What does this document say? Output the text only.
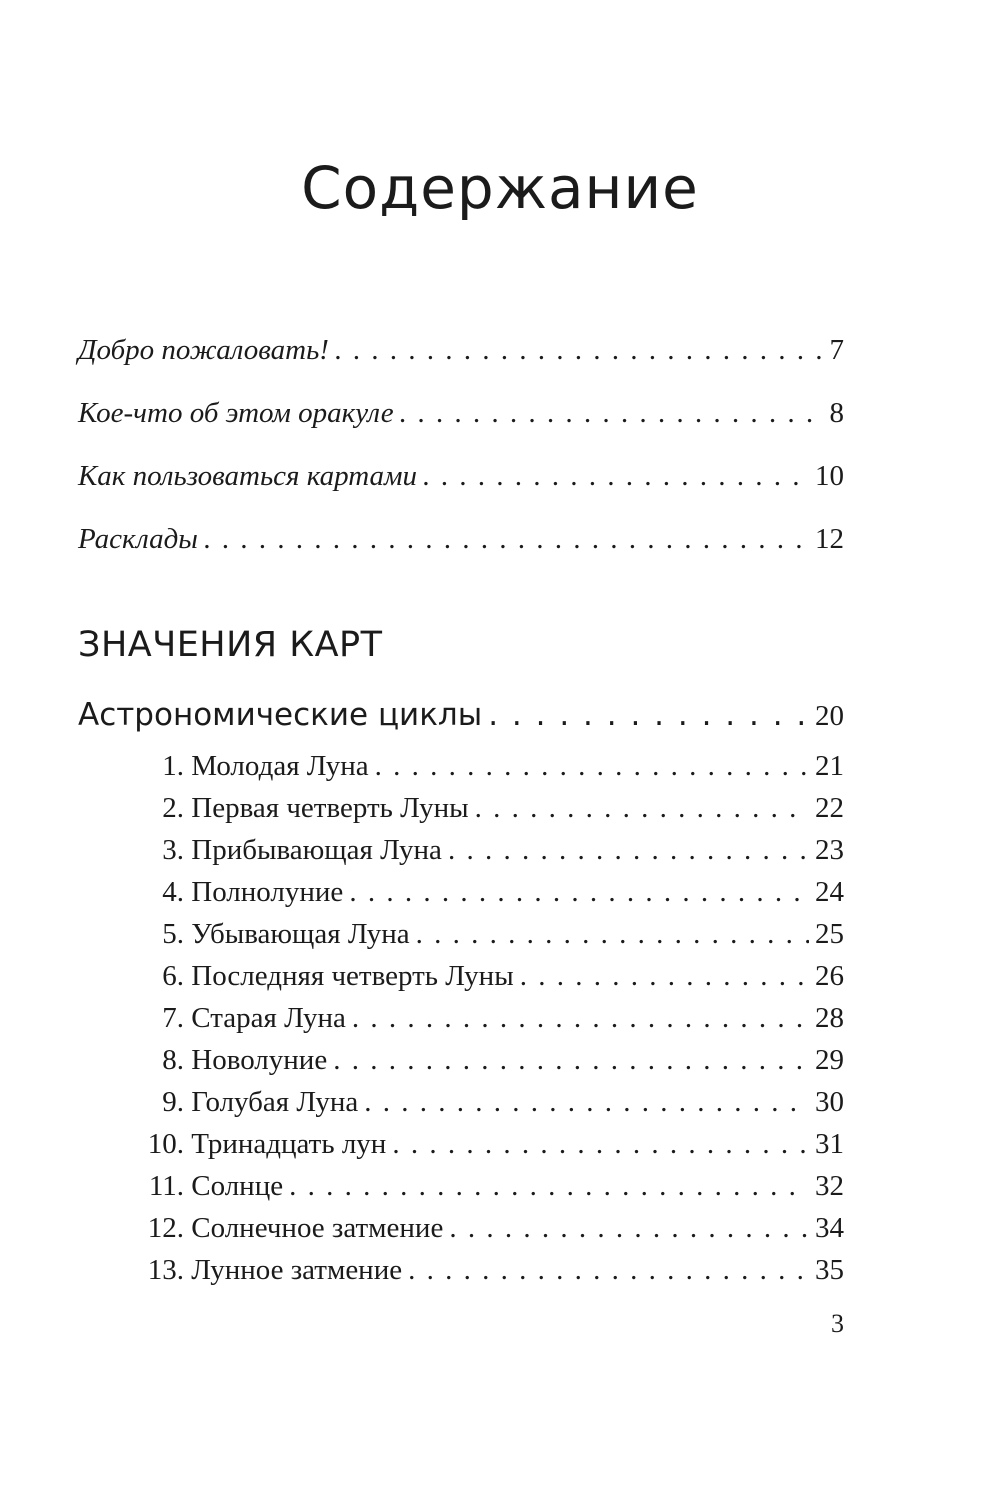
Содержание
Добро пожаловать! . . .	7
Кое-что об этом оракуле . . .	8
Как пользоваться картами . . .	10
Расклады . . .	12
ЗНАЧЕНИЯ КАРТ
Астрономические циклы . . .	20
1. Молодая Луна . . .	21
2. Первая четверть Луны . . .	22
3. Прибывающая Луна . . .	23
4. Полнолуние . . .	24
5. Убывающая Луна . . .	25
6. Последняя четверть Луны . . .	26
7. Старая Луна . . .	28
8. Новолуние . . .	29
9. Голубая Луна . . .	30
10. Тринадцать лун . . .	31
11. Солнце . . .	32
12. Солнечное затмение . . .	34
13. Лунное затмение . . .	35
3
